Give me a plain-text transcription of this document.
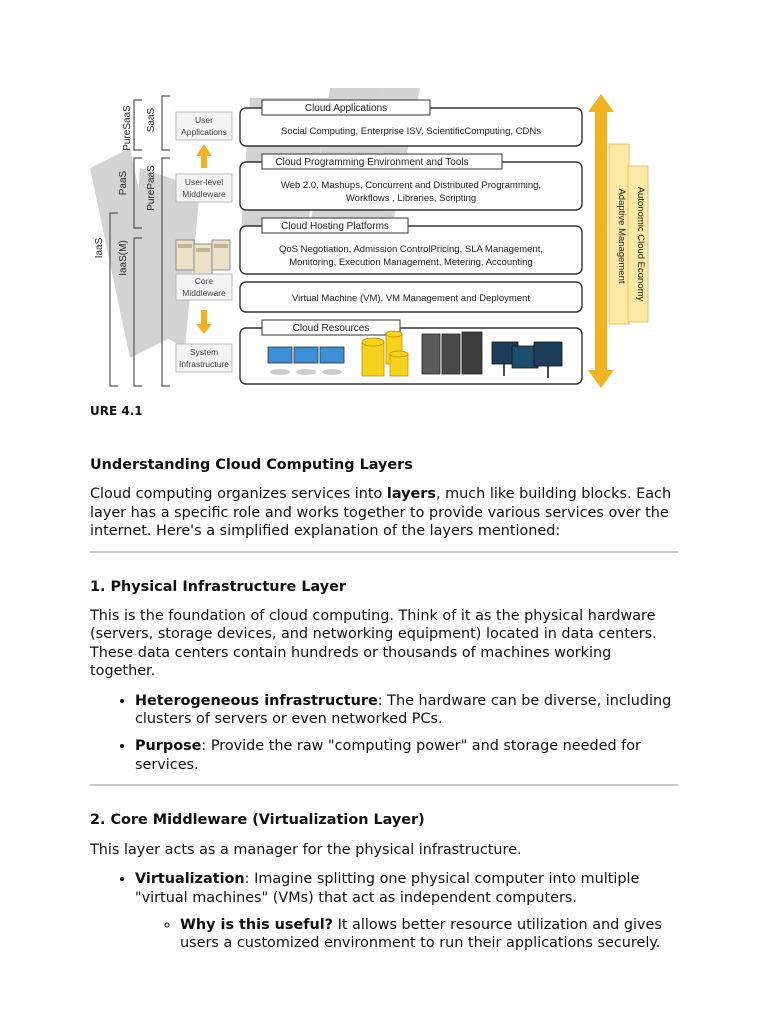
IaaS IaaS(M)
PaaS PurePaaS
SaaS
PureSaaS	User
Applications
User-level
Middleware
Core
Middleware
System
Infrastructure
Cloud Applications
Social Computing, Enterprise ISV, ScientificComputing, CDNs
Cloud Programming Environment and Tools
Web 2.0, Mashups, Concurrent and Distributed Programming,
Workflows , Libraries, Scripting
Cloud Hosting Platforms
QoS Negotiation, Admission ControlPricing, SLA Management,
Monitoring, Execution Management, Metering, Accounting
Virtual Machine (VM), VM Management and Deployment
Cloud Resources
Adaptive Management Autonomic Cloud Economy
URE 4.1
Understanding Cloud Computing Layers

Cloud computing organizes services into layers, much like building blocks. Each layer has a specific role and works together to provide various services over the internet. Here's a simplified explanation of the layers mentioned:

1. Physical Infrastructure Layer

This is the foundation of cloud computing. Think of it as the physical hardware (servers, storage devices, and networking equipment) located in data centers. These data centers contain hundreds or thousands of machines working together.

• Heterogeneous infrastructure: The hardware can be diverse, including clusters of servers or even networked PCs.
• Purpose: Provide the raw "computing power" and storage needed for services.
2. Core Middleware (Virtualization Layer)

This layer acts as a manager for the physical infrastructure.

• Virtualization: Imagine splitting one physical computer into multiple "virtual machines" (VMs) that act as independent computers.
◦ Why is this useful? It allows better resource utilization and gives users a customized environment to run their applications securely.
